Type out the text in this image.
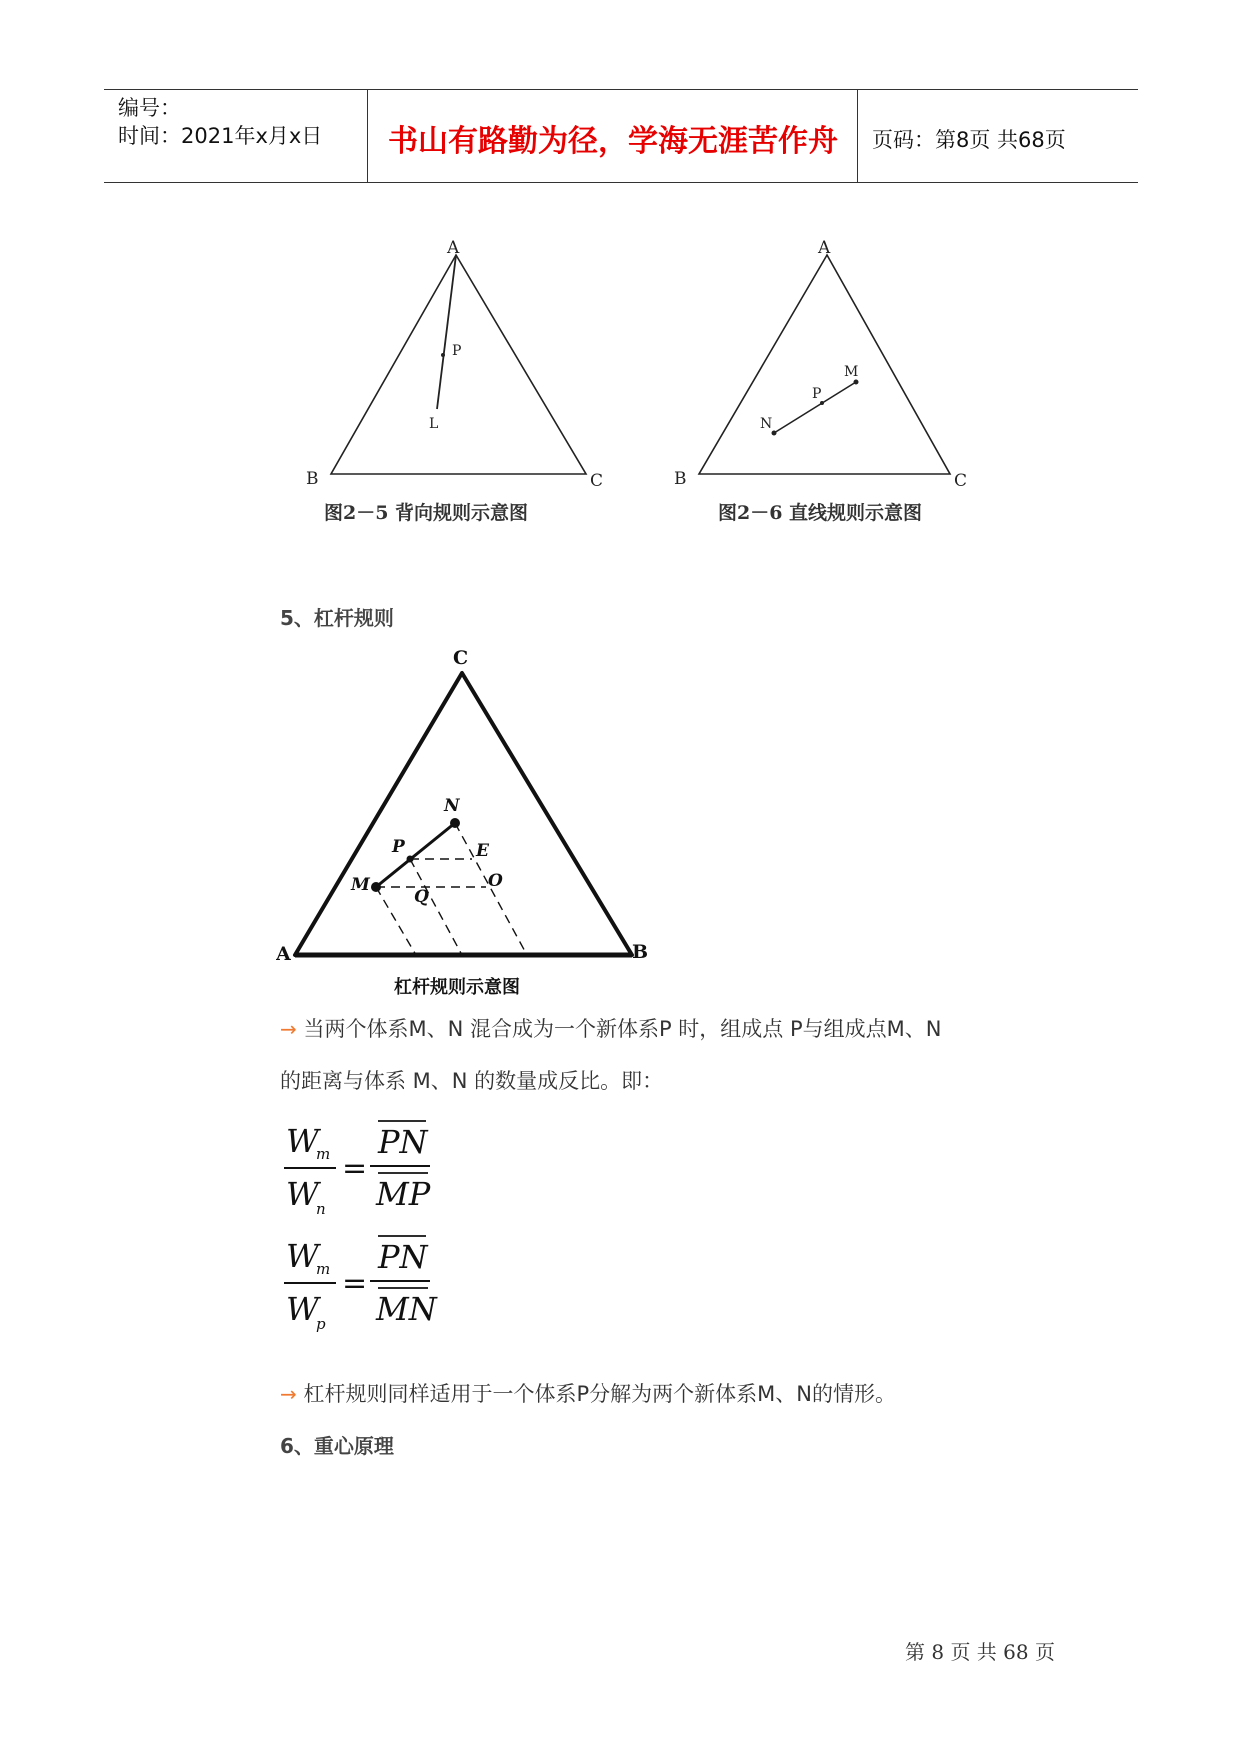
编号：
时间：2021年x月x日	书山有路勤为径，学海无涯苦作舟	页码：第8页 共68页
A
B	C
P
L
图2－5 背向规则示意图
A
B	C
M
P
N
图2－6 直线规则示意图
5、杠杆规则
C
A	B
N
P	E
M
Q
O
杠杆规则示意图
→ 当两个体系M、N 混合成为一个新体系P 时，组成点 P与组成点M、N
的距离与体系 M、N 的数量成反比。即：
W
m
W
n
=
PN
MP
W
m
W
p
=
PN
MN
→ 杠杆规则同样适用于一个体系P分解为两个新体系M、N的情形。
6、重心原理
第 8 页 共 68 页
